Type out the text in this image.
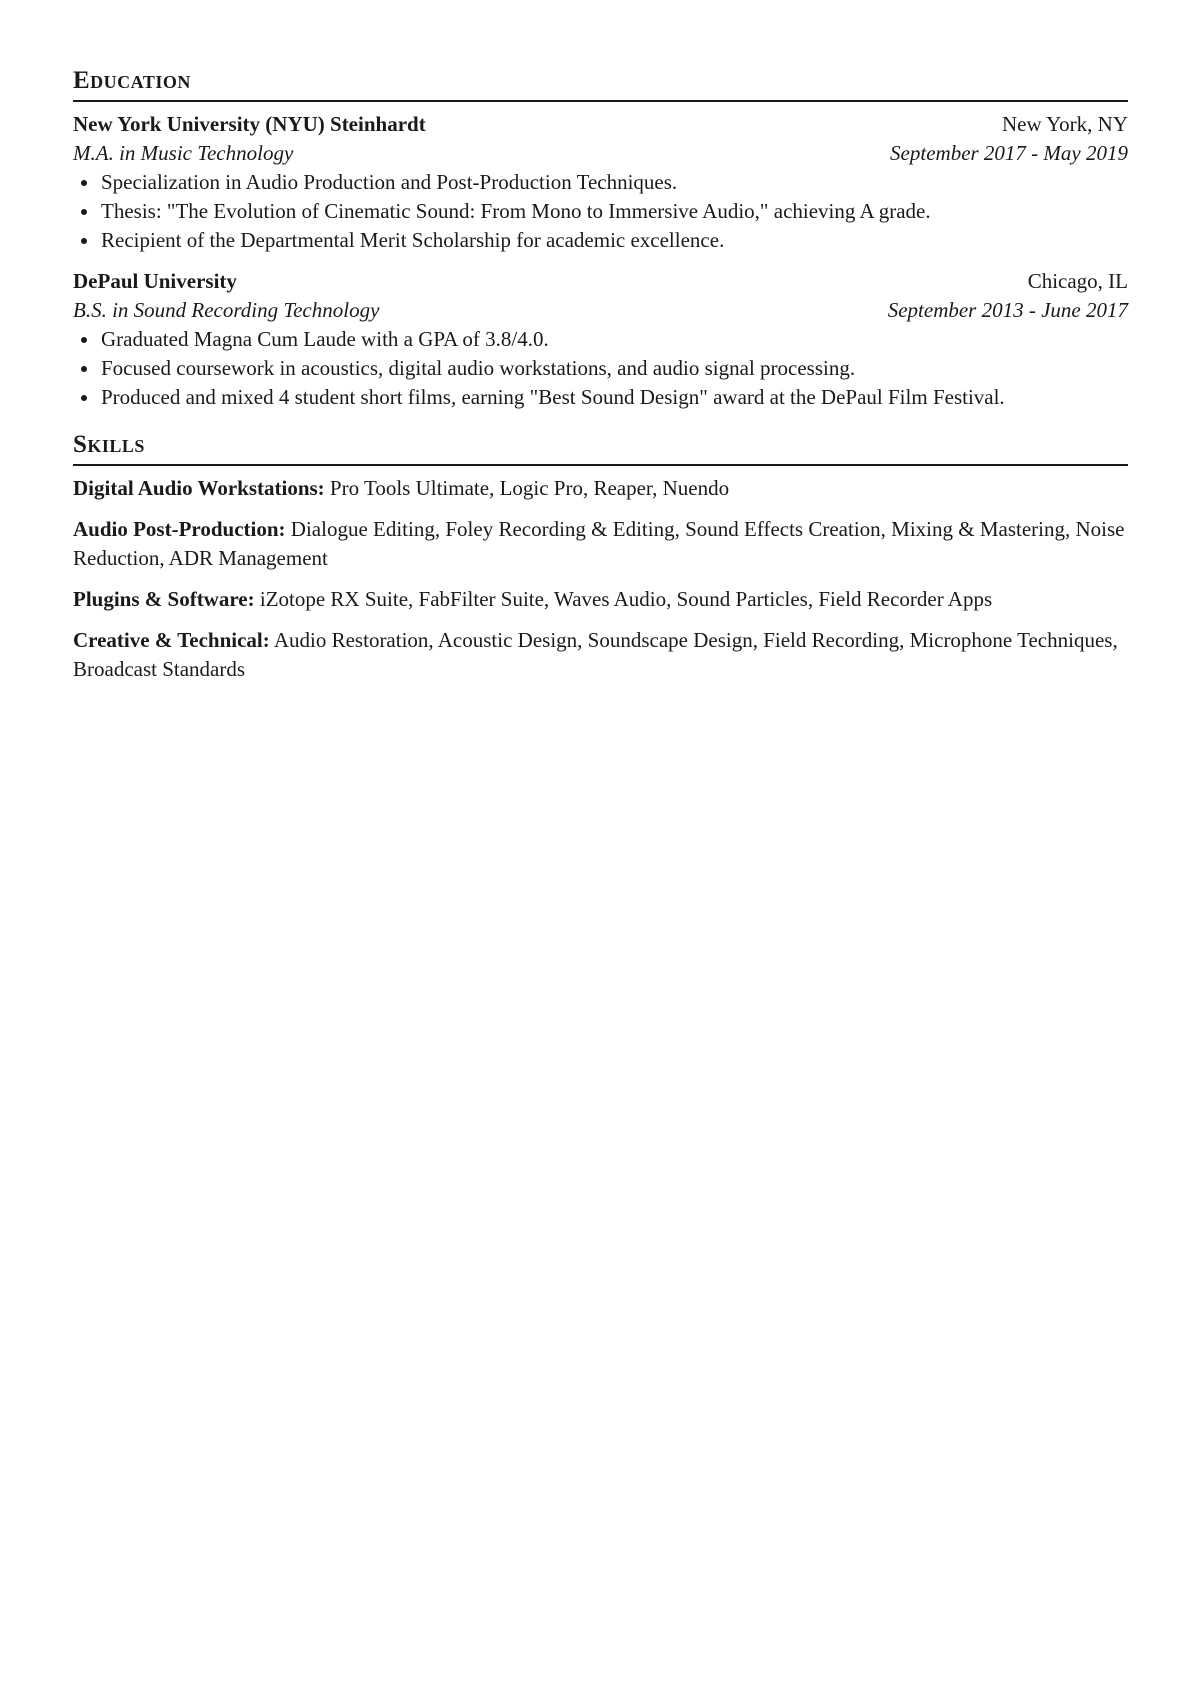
Education
New York University (NYU) Steinhardt	New York, NY
M.A. in Music Technology	September 2017 - May 2019
Specialization in Audio Production and Post-Production Techniques.
Thesis: "The Evolution of Cinematic Sound: From Mono to Immersive Audio," achieving A grade.
Recipient of the Departmental Merit Scholarship for academic excellence.
DePaul University	Chicago, IL
B.S. in Sound Recording Technology	September 2013 - June 2017
Graduated Magna Cum Laude with a GPA of 3.8/4.0.
Focused coursework in acoustics, digital audio workstations, and audio signal processing.
Produced and mixed 4 student short films, earning "Best Sound Design" award at the DePaul Film Festival.
Skills

Digital Audio Workstations: Pro Tools Ultimate, Logic Pro, Reaper, Nuendo

Audio Post-Production: Dialogue Editing, Foley Recording & Editing, Sound Effects Creation, Mixing & Mastering, Noise Reduction, ADR Management

Plugins & Software: iZotope RX Suite, FabFilter Suite, Waves Audio, Sound Particles, Field Recorder Apps

Creative & Technical: Audio Restoration, Acoustic Design, Soundscape Design, Field Recording, Microphone Techniques, Broadcast Standards
